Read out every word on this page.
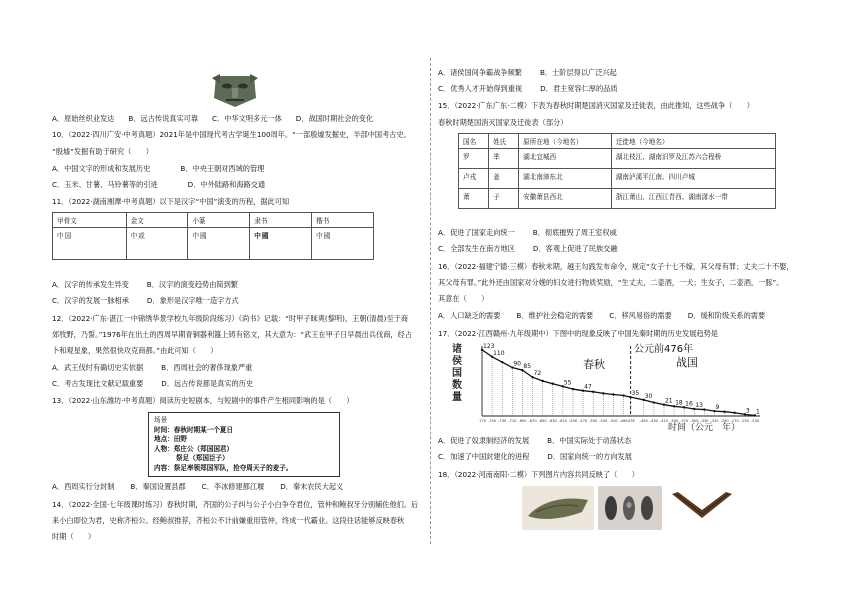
A．原始丝织业发达 B．远古传说真实可靠 C．中华文明多元一体 D．战国时期社会的变化
10．（2022·四川广安·中考真题）2021年是中国现代考古学诞生100周年。“一部殷墟发掘史，半部中国考古史。
“殷墟”发掘有助于研究（　　）
A．中国文字的形成和发展历史	B．中央王朝对西域的管理
C．玉米、甘薯、马铃薯等的引进	D．中外陆路和海路交通
11．（2022·湖南湘潭·中考真题）以下是汉字“中国”演变的历程，据此可知
甲骨文	金文	小篆	隶书	楷书
中国	中或	中國	中國	中國
A．汉字的传承发生异变	B．汉字的演变趋势由简到繁
C．汉字的发展一脉相承	D．象形是汉字唯一造字方式
12．（2022·广东·湛江一中锦绣华景学校九年级阶段练习）《尚书》记载：“时甲子昧爽(黎明)，王朝(清晨)至于商
郊牧野，乃誓。”1976年在出土的西周早期青铜器利簋上铸有铭文，其大意为：“武王在甲子日早晨出兵伐商，经占
卜和观星象，果然很快攻克商都。”由此可知（　　）
A．武王伐纣有确切史实依据	B．西周社会的奢侈现象严重
C．考古发现比文献记载重要	D．远古传说都是真实的历史
13．（2022·山东潍坊·中考真题）阅读历史短剧本，与短剧中的事件产生相同影响的是（　　）
场景
时间：春秋时期某一个夏日
地点：田野
人物：郑庄公（郑国国君）
祭足（郑国臣子）
内容：祭足率领郑国军队，抢夺周天子的麦子。
A．西周实行分封制 B．秦国设置县郡 C．李冰修建都江堰 D．秦末农民大起义
14．（2022·全国·七年级课时练习）春秋时期，齐国的公子纠与公子小白争夺君位，管仲和鲍叔牙分别辅佐他们。后
来小白即位为君，史称齐桓公。经鲍叔推荐，齐桓公不计前嫌重用管仲，终成一代霸业。这段往话能够反映春秋
时期（　　）
A．诸侯国间争霸战争频繁	B．士阶层得以广泛兴起
C．优秀人才开始得到重视	D．君主宽容仁厚的品质
15．（2022·广东广东·二模）下表为春秋时期楚国消灭国家及迁徙表，由此推知，这些战争（　　）
春秋时期楚国消灭国家及迁徙表（部分）
国名	姓氏	原所在地（今地名）	迁徙地（今地名）
罗	芈	湖北宜城西	湖北枝江、湖南汨罗及江苏六合程桥
卢戎	姜	湖北南漳东北	湖南泸溪平江南、四川卢城
萧	子	安徽萧县西北	浙江萧山、江西江青西、湖南潇水一带
A．促进了国家走向统一	B．彻底摧毁了周王室权威
C．全部发生在南方地区	D．客观上促进了民族交融
16．（2022·福建宁德·三模）春秋末期，越王勾践发布命令，规定“女子十七不嫁，其父母有罪；丈夫二十不娶，
其父母有罪。”此外还由国家对分娩的妇女进行物质奖励，“生丈夫，二壶酒，一犬；生女子，二壶酒，一豚”。
其意在（　　）
A．人口缺乏的需要 B．维护社会稳定的需要 C．移风易俗的需要 D．缓和阶级关系的需要
17．（2022·江西赣州·九年级期中）下图中的现象反映了中国先秦时期的历史发展趋势是
诸侯国数量
-770 -750 -730 -710 -690 -670 -650 -630 -610 -590 -570 -550 -530 -510 -490
-476 -450 -430 -410 -390 -370 -350 -330 -310 -290 -270 -250 -230
时间（公元　年）
123
110
90 85
72
55
47
35 30
21 18 16 13 9	3 1
春秋	战国
公元前476年
A．促进了奴隶制经济的发展	B．中国实际处于动荡状态
C．加速了中国封建化的进程	D．国家向统一的方向发展
18．（2022·河南南阳·二模）下列图片内容共同反映了（　　）
